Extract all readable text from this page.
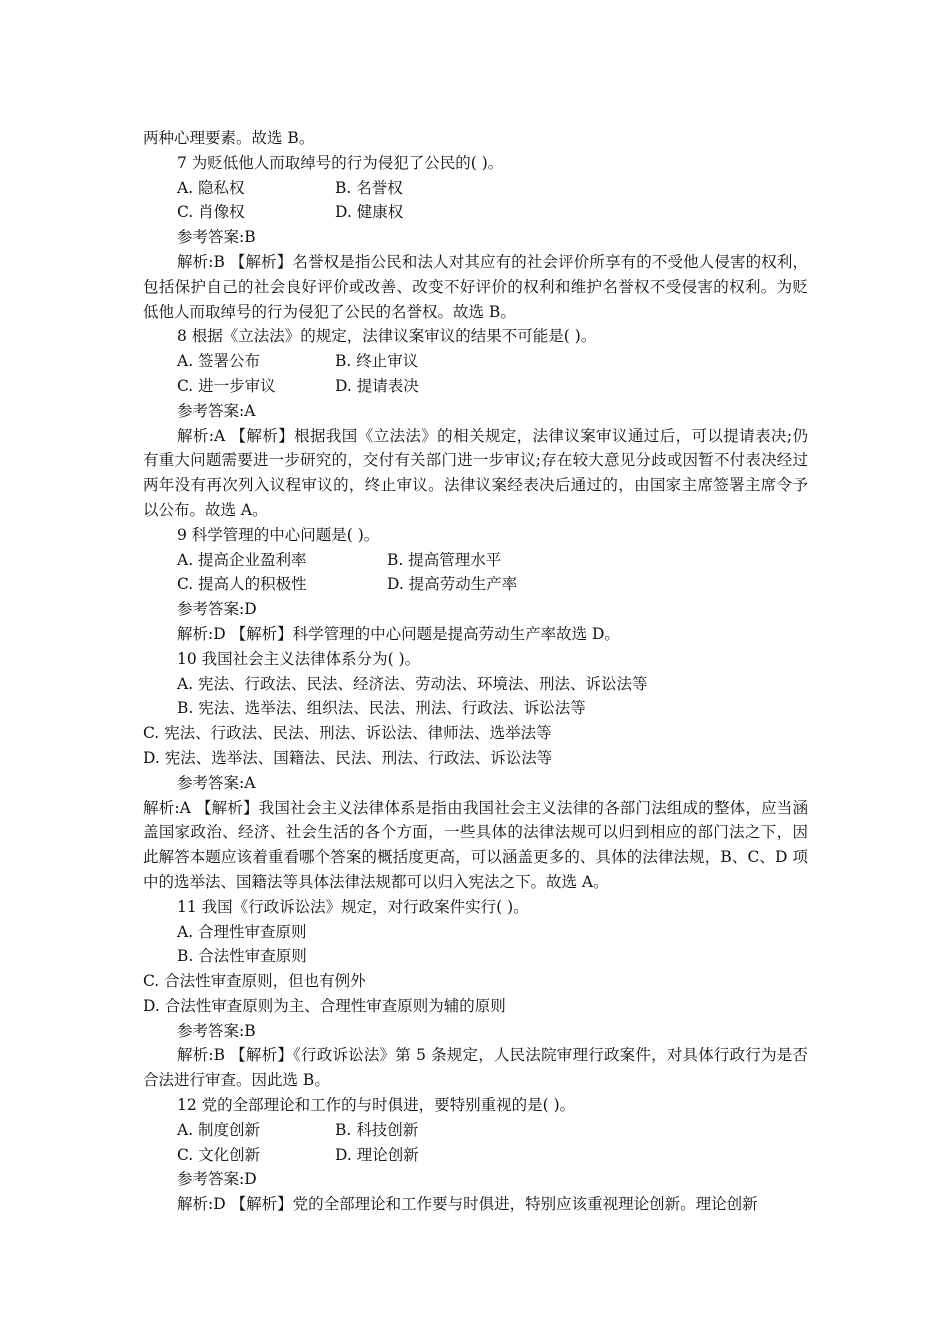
两种心理要素。故选 B。
7 为贬低他人而取绰号的行为侵犯了公民的( )。
A. 隐私权	B. 名誉权
C. 肖像权	D. 健康权
参考答案:B
解析:B 【解析】名誉权是指公民和法人对其应有的社会评价所享有的不受他人侵害的权利，包括保护自己的社会良好评价或改善、改变不好评价的权利和维护名誉权不受侵害的权利。为贬低他人而取绰号的行为侵犯了公民的名誉权。故选 B。
8 根据《立法法》的规定，法律议案审议的结果不可能是( )。
A. 签署公布	B. 终止审议
C. 进一步审议	D. 提请表决
参考答案:A
解析:A 【解析】根据我国《立法法》的相关规定，法律议案审议通过后，可以提请表决;仍有重大问题需要进一步研究的，交付有关部门进一步审议;存在较大意见分歧或因暂不付表决经过两年没有再次列入议程审议的，终止审议。法律议案经表决后通过的，由国家主席签署主席令予以公布。故选 A。
9 科学管理的中心问题是( )。
A. 提高企业盈利率	B. 提高管理水平
C. 提高人的积极性	D. 提高劳动生产率
参考答案:D
解析:D 【解析】科学管理的中心问题是提高劳动生产率故选 D。
10 我国社会主义法律体系分为( )。
A. 宪法、行政法、民法、经济法、劳动法、环境法、刑法、诉讼法等
B. 宪法、选举法、组织法、民法、刑法、行政法、诉讼法等
C. 宪法、行政法、民法、刑法、诉讼法、律师法、选举法等
D. 宪法、选举法、国籍法、民法、刑法、行政法、诉讼法等
参考答案:A
解析:A 【解析】我国社会主义法律体系是指由我国社会主义法律的各部门法组成的整体，应当涵盖国家政治、经济、社会生活的各个方面，一些具体的法律法规可以归到相应的部门法之下，因此解答本题应该着重看哪个答案的概括度更高，可以涵盖更多的、具体的法律法规，B、C、D 项中的选举法、国籍法等具体法律法规都可以归入宪法之下。故选 A。
11 我国《行政诉讼法》规定，对行政案件实行( )。
A. 合理性审查原则
B. 合法性审查原则
C. 合法性审查原则，但也有例外
D. 合法性审查原则为主、合理性审查原则为辅的原则
参考答案:B
解析:B 【解析】《行政诉讼法》第 5 条规定，人民法院审理行政案件，对具体行政行为是否合法进行审查。因此选 B。
12 党的全部理论和工作的与时俱进，要特别重视的是( )。
A. 制度创新	B. 科技创新
C. 文化创新	D. 理论创新
参考答案:D
解析:D 【解析】党的全部理论和工作要与时俱进，特别应该重视理论创新。理论创新
